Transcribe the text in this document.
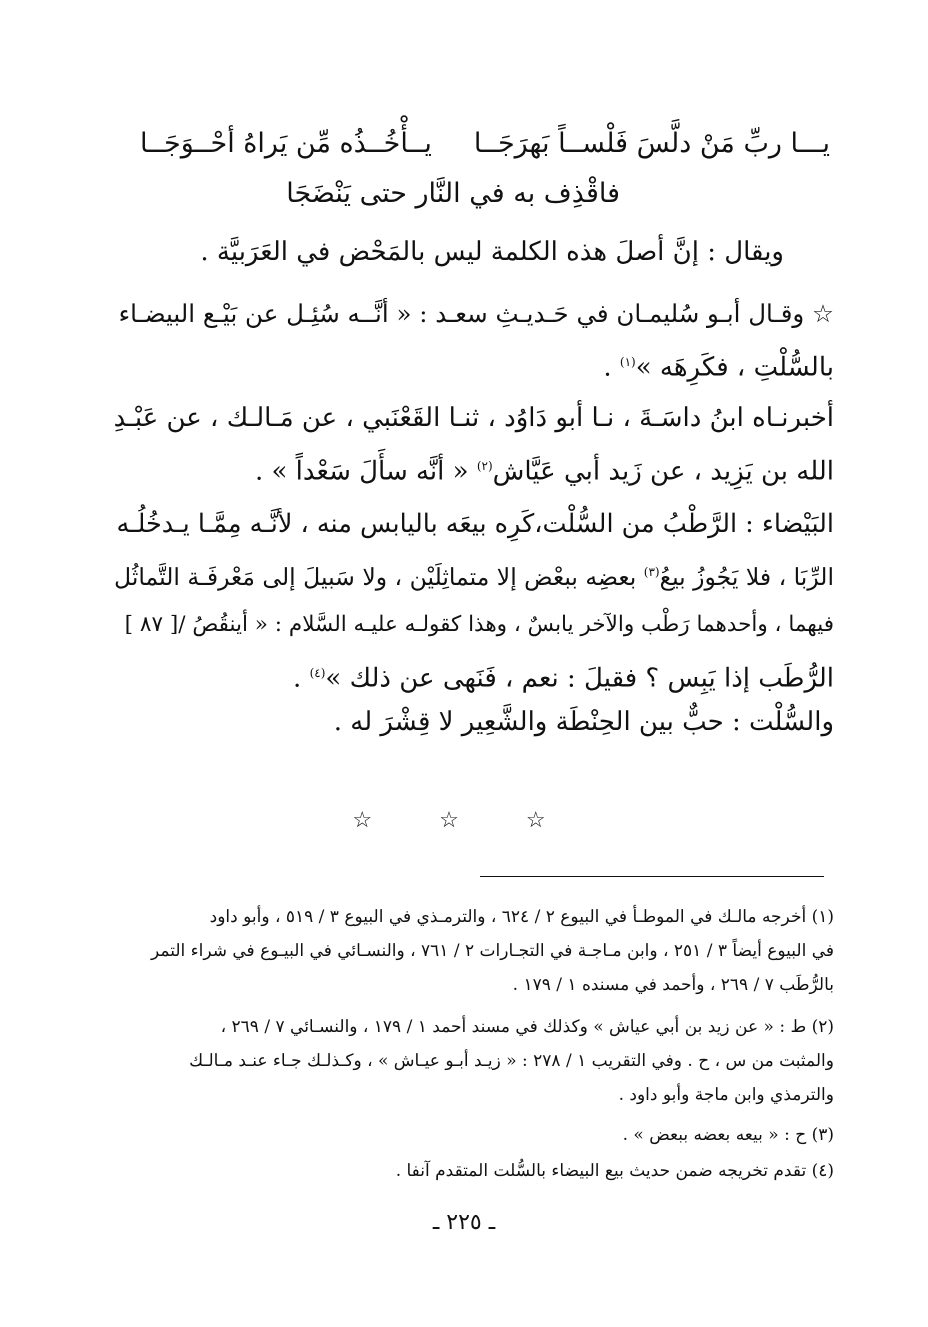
يـــا ربِّ مَنْ دلَّسَ فَلْســاً بَهرَجَــا
يــأْخُــذُه مِّن يَراهُ أحْــوَجَــا
فاقْذِف به في النَّار حتى يَنْضَجَا
ويقال : إنَّ أصلَ هذه الكلمة ليس بالمَحْض في العَرَبيَّة .
☆ وقـال أبـو سُليمـان في حَـديـثِ سعـد : « أنَّــه سُئِـل عن بَيْـع البيضـاء
بالسُّلْتِ ، فكَرِهَه »$^{(١)}$ .
أخبرنـاه ابنُ داسَـةَ ، نـا أبو دَاوُد ، ثنـا القَعْنَبي ، عن مَـالـك ، عن عَبْـدِ
الله بن يَزِيد ، عن زَيد أبي عَيَّاش$^{(٢)}$ « أنَّه سأَلَ سَعْداً » .
البَيْضاء : الرَّطْبُ من السُّلْت،كَرِه بيعَه باليابس منه ، لأنَّـه مِمَّـا يـدخُلُـه
الرِّبَا ، فلا يَجُوزُ بيعُ$^{(٣)}$ بعضِه ببعْض إلا متماثِلَيْن ، ولا سَبيلَ إلى مَعْرفَـة التَّماثُل
فيهما ، وأحدهما رَطْب والآخر يابسٌ ، وهذا كقولـه عليـه السَّلام : « أينقُصُ /[ ٨٧ ]
الرُّطَب إذا يَبِس ؟ فقيلَ : نعم ، فَنَهى عن ذلك »$^{(٤)}$ .
والسُّلْت : حبٌّ بين الحِنْطَة والشَّعِير لا قِشْرَ له .
☆ ☆ ☆
(١) أخرجه مالـك في الموطـأ في البيوع ٢ / ٦٢٤ ، والترمـذي في البيوع ٣ / ٥١٩ ، وأبو داود
في البيوع أيضاً ٣ / ٢٥١ ، وابن مـاجـة في التجـارات ٢ / ٧٦١ ، والنسـائي في البيـوع في شراء التمر
بالرُّطَب ٧ / ٢٦٩ ، وأحمد في مسنده ١ / ١٧٩ .
(٢) ط : « عن زيد بن أبي عياش » وكذلك في مسند أحمد ١ / ١٧٩ ، والنسـائي ٧ / ٢٦٩ ،
والمثبت من س ، ح . وفي التقريب ١ / ٢٧٨ : « زيـد أبـو عيـاش » ، وكـذلـك جـاء عنـد مـالـك
والترمذي وابن ماجة وأبو داود .
(٣) ح : « بيعه بعضه ببعض » .
(٤) تقدم تخريجه ضمن حديث بيع البيضاء بالسُّلت المتقدم آنفا .
ـ ٢٢٥ ـ
